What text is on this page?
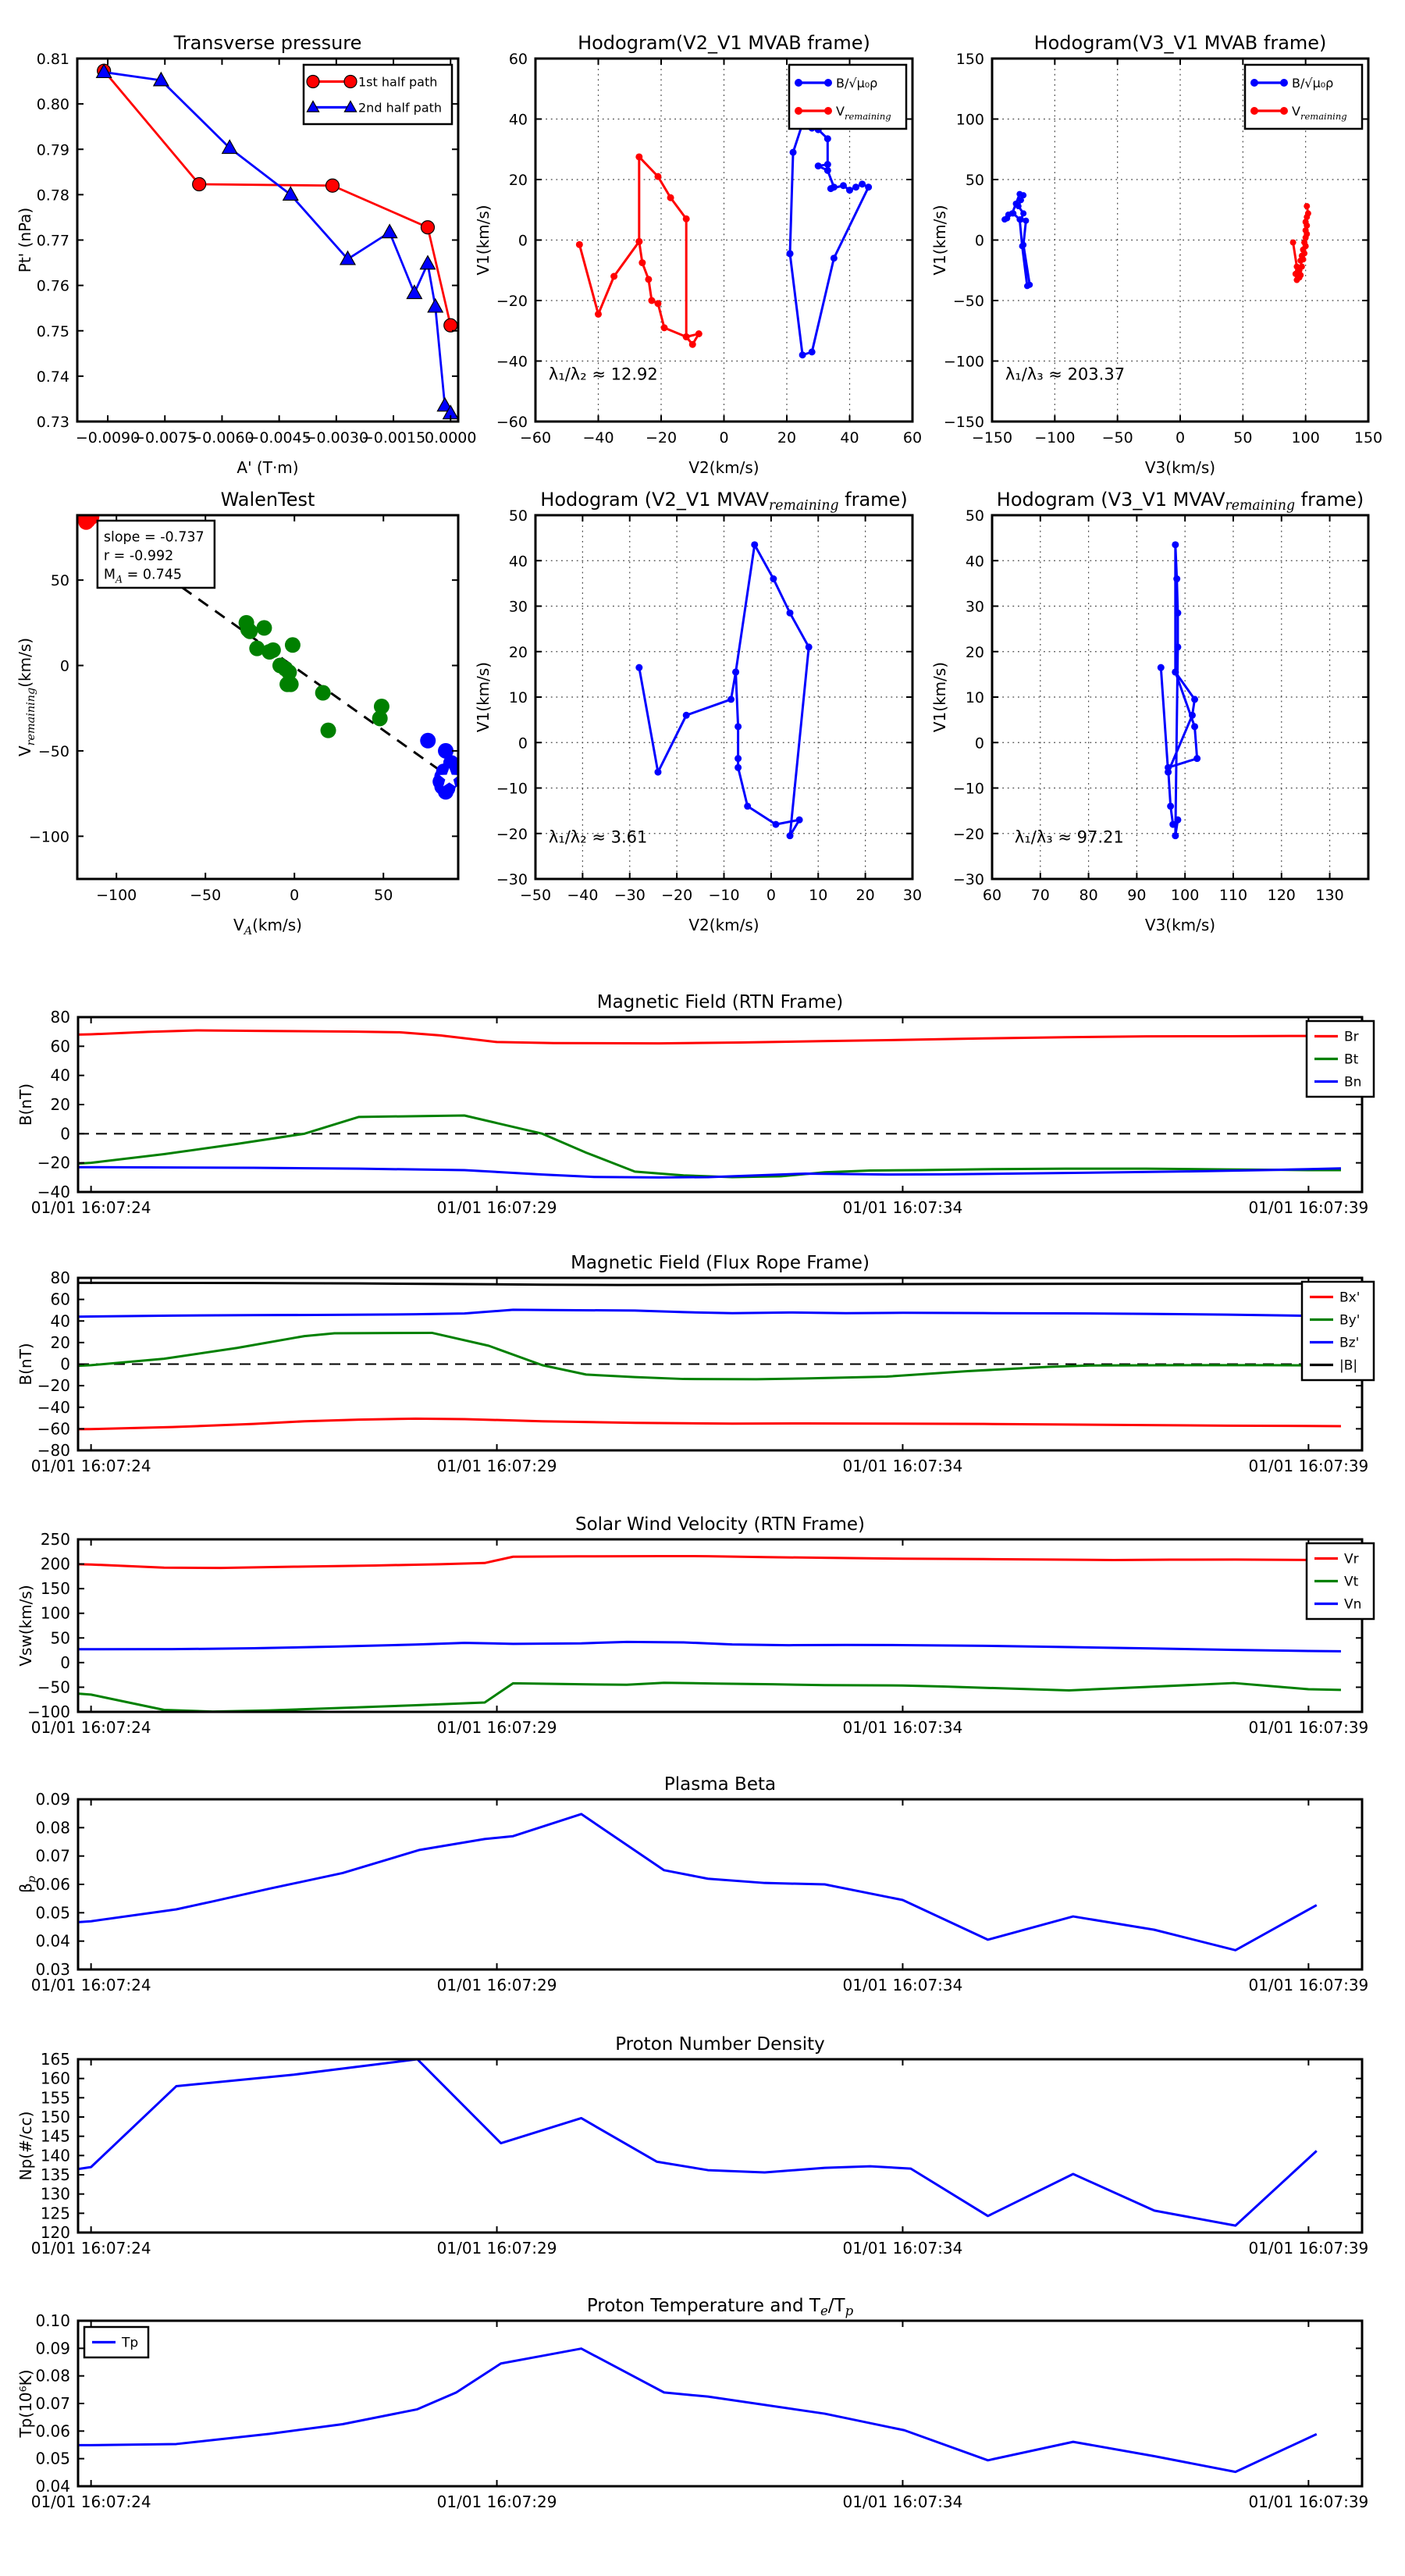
−0.0090
−0.0075
−0.0060
−0.0045
−0.0030
−0.0015
0.0000
0.73
0.74
0.75
0.76
0.77
0.78
0.79
0.80
0.81
Transverse pressure
A' (T·m)
Pt' (nPa)
1st half path
2nd half path
−60 −40 −20	0	20	40	60
−60
−40
−20
0
20
40
60
Hodogram(V2_V1 MVAB frame)
V2(km/s)
V1(km/s)
B/√μ₀ρ
$V_{remaining}$
λ₁/λ₂ ≈ 12.92
−150 −100 −50	0	50	100 150
−150
−100
−50
0
50
100
150
Hodogram(V3_V1 MVAB frame)
V3(km/s)
V1(km/s)
B/√μ₀ρ
$V_{remaining}$
λ₁/λ₃ ≈ 203.37
−100	−50	0	50
−100
−50
0
50
WalenTest
$V_A(km/s)$
$V_{remaining}(km/s)$
slope = -0.737
r = -0.992
$M_A = 0.745$
−50 −40 −30 −20 −10 0 10 20 30
−30
−20
−10
0
10
20
30
40
50
Hodogram (V2_V1 $MVAV_{remaining}$ frame)
V2(km/s)
V1(km/s)
λ₁/λ₂ ≈ 3.61
60 70 80 90 100 110 120 130
−30
−20
−10
0
10
20
30
40
50
Hodogram (V3_V1 $MVAV_{remaining}$ frame)
V3(km/s)
V1(km/s)
λ₁/λ₃ ≈ 97.21
01/01 16:07:24	01/01 16:07:29	01/01 16:07:34	01/01 16:07:39
−40
−20
0
20
40
60
80
Magnetic Field (RTN Frame)
B(nT)
Br
Bt
Bn
01/01 16:07:24	01/01 16:07:29	01/01 16:07:34	01/01 16:07:39
−80
−60
−40
−20
0
20
40
60
80
Magnetic Field (Flux Rope Frame)
B(nT)
Bx'
By'
Bz'
|B|
01/01 16:07:24	01/01 16:07:29	01/01 16:07:34	01/01 16:07:39
−100
−50
0
50
100
150
200
250
Solar Wind Velocity (RTN Frame)
Vsw(km/s)
Vr
Vt
Vn
01/01 16:07:24	01/01 16:07:29	01/01 16:07:34	01/01 16:07:39
0.03
0.04
0.05
0.06
0.07
0.08
0.09
Plasma Beta
$\beta_p$
01/01 16:07:24	01/01 16:07:29	01/01 16:07:34	01/01 16:07:39
120
125
130
135
140
145
150
155
160
165
Proton Number Density
Np(#/cc)
01/01 16:07:24	01/01 16:07:29	01/01 16:07:34	01/01 16:07:39
0.04
0.05
0.06
0.07
0.08
0.09
0.10
Proton Temperature and $T_e/T_p$
Tp(10⁶K)
Tp
